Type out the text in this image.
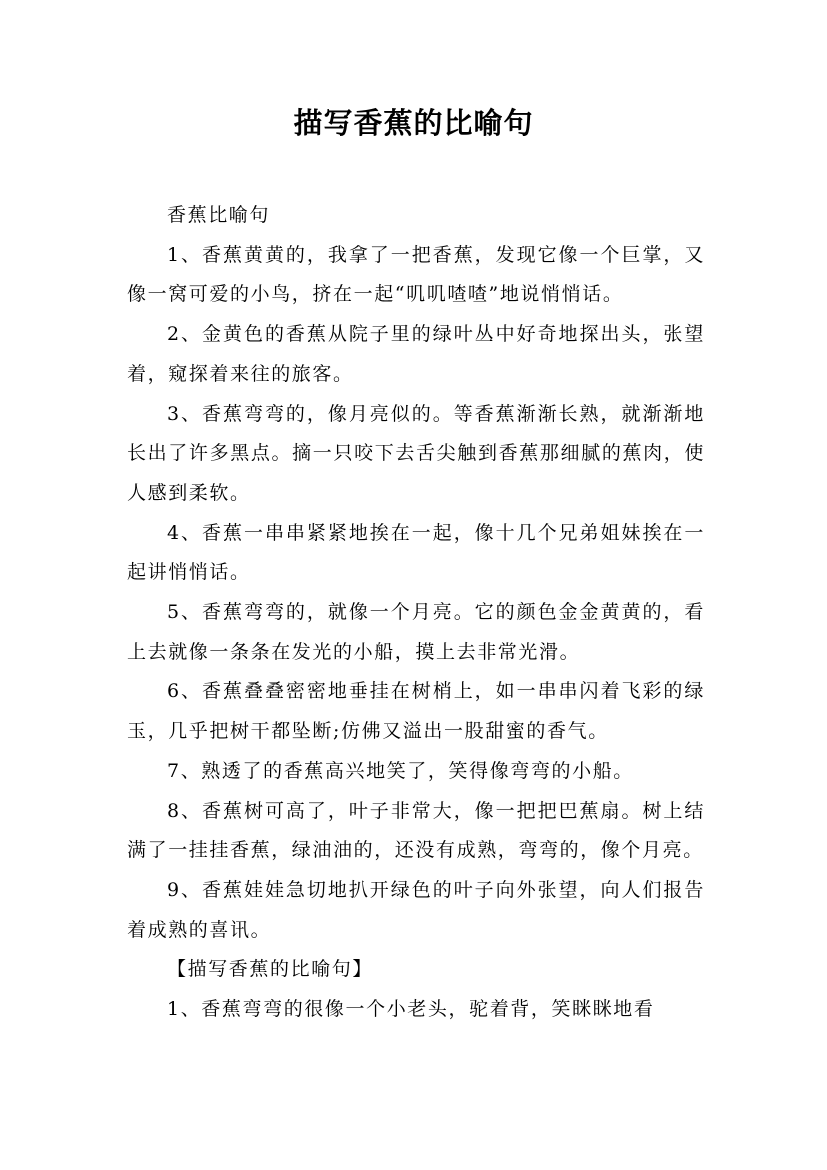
描写香蕉的比喻句

香蕉比喻句

1、香蕉黄黄的，我拿了一把香蕉，发现它像一个巨掌，又像一窝可爱的小鸟，挤在一起“叽叽喳喳”地说悄悄话。

2、金黄色的香蕉从院子里的绿叶丛中好奇地探出头，张望着，窥探着来往的旅客。

3、香蕉弯弯的，像月亮似的。等香蕉渐渐长熟，就渐渐地长出了许多黑点。摘一只咬下去舌尖触到香蕉那细腻的蕉肉，使人感到柔软。

4、香蕉一串串紧紧地挨在一起，像十几个兄弟姐妹挨在一起讲悄悄话。

5、香蕉弯弯的，就像一个月亮。它的颜色金金黄黄的，看上去就像一条条在发光的小船，摸上去非常光滑。

6、香蕉叠叠密密地垂挂在树梢上，如一串串闪着飞彩的绿玉，几乎把树干都坠断;仿佛又溢出一股甜蜜的香气。

7、熟透了的香蕉高兴地笑了，笑得像弯弯的小船。

8、香蕉树可高了，叶子非常大，像一把把巴蕉扇。树上结满了一挂挂香蕉，绿油油的，还没有成熟，弯弯的，像个月亮。

9、香蕉娃娃急切地扒开绿色的叶子向外张望，向人们报告着成熟的喜讯。

【描写香蕉的比喻句】

1、香蕉弯弯的很像一个小老头，驼着背，笑眯眯地看
